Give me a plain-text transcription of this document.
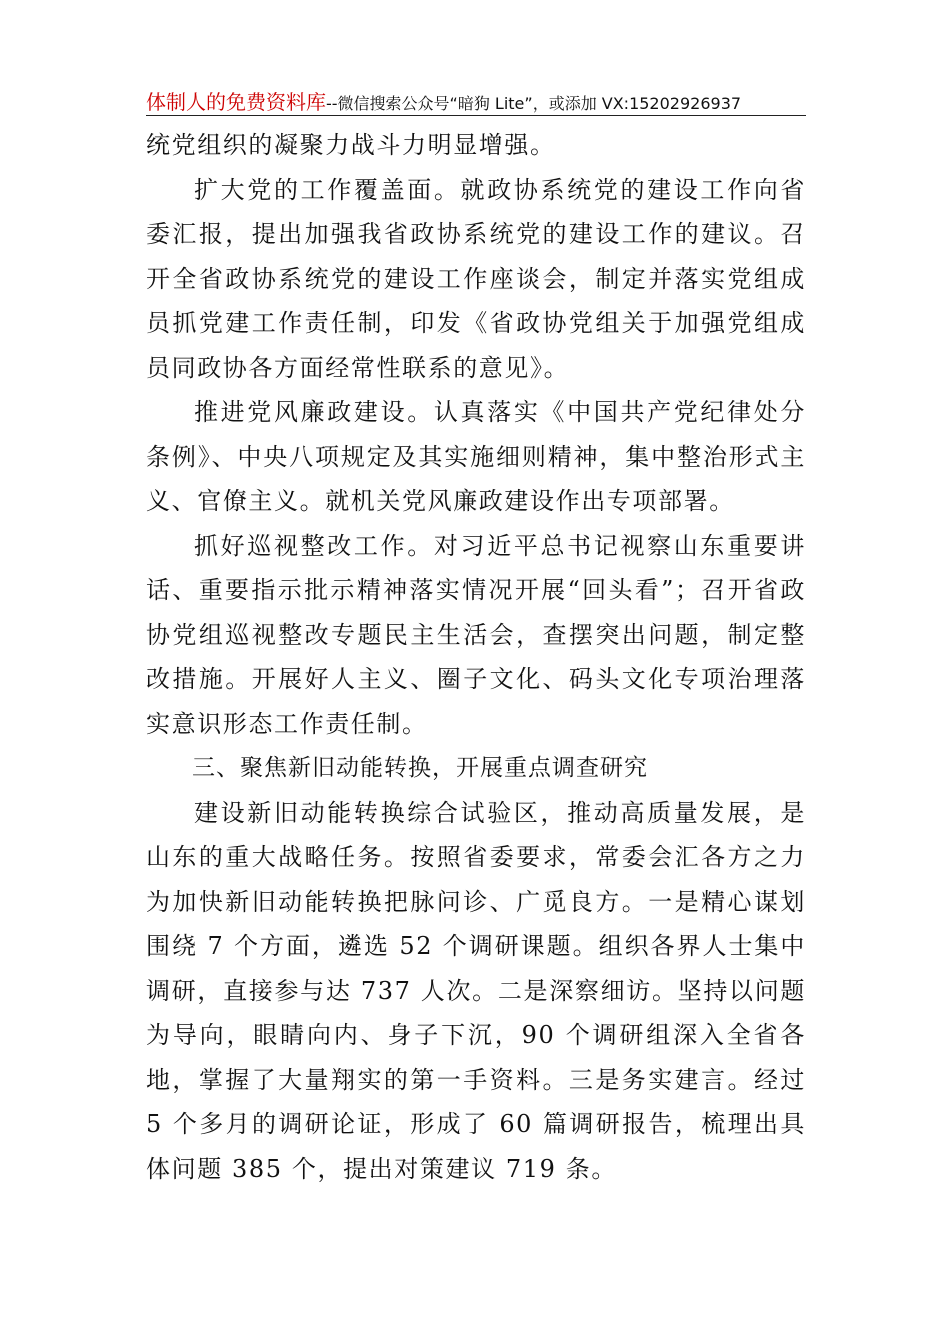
体制人的免费资料库--微信搜索公众号“暗狗 Lite”，或添加 VX:15202926937

统党组织的凝聚力战斗力明显增强。

扩大党的工作覆盖面。就政协系统党的建设工作向省委汇报，提出加强我省政协系统党的建设工作的建议。召开全省政协系统党的建设工作座谈会，制定并落实党组成员抓党建工作责任制，印发《省政协党组关于加强党组成员同政协各方面经常性联系的意见》。

推进党风廉政建设。认真落实《中国共产党纪律处分条例》、中央八项规定及其实施细则精神，集中整治形式主义、官僚主义。就机关党风廉政建设作出专项部署。

抓好巡视整改工作。对习近平总书记视察山东重要讲话、重要指示批示精神落实情况开展“回头看”；召开省政协党组巡视整改专题民主生活会，查摆突出问题，制定整改措施。开展好人主义、圈子文化、码头文化专项治理落实意识形态工作责任制。

三、聚焦新旧动能转换，开展重点调查研究

建设新旧动能转换综合试验区，推动高质量发展，是山东的重大战略任务。按照省委要求，常委会汇各方之力为加快新旧动能转换把脉问诊、广觅良方。一是精心谋划围绕 7 个方面，遴选 52 个调研课题。组织各界人士集中调研，直接参与达 737 人次。二是深察细访。坚持以问题为导向，眼睛向内、身子下沉，90 个调研组深入全省各地，掌握了大量翔实的第一手资料。三是务实建言。经过 5 个多月的调研论证，形成了 60 篇调研报告，梳理出具体问题 385 个，提出对策建议 719 条。
